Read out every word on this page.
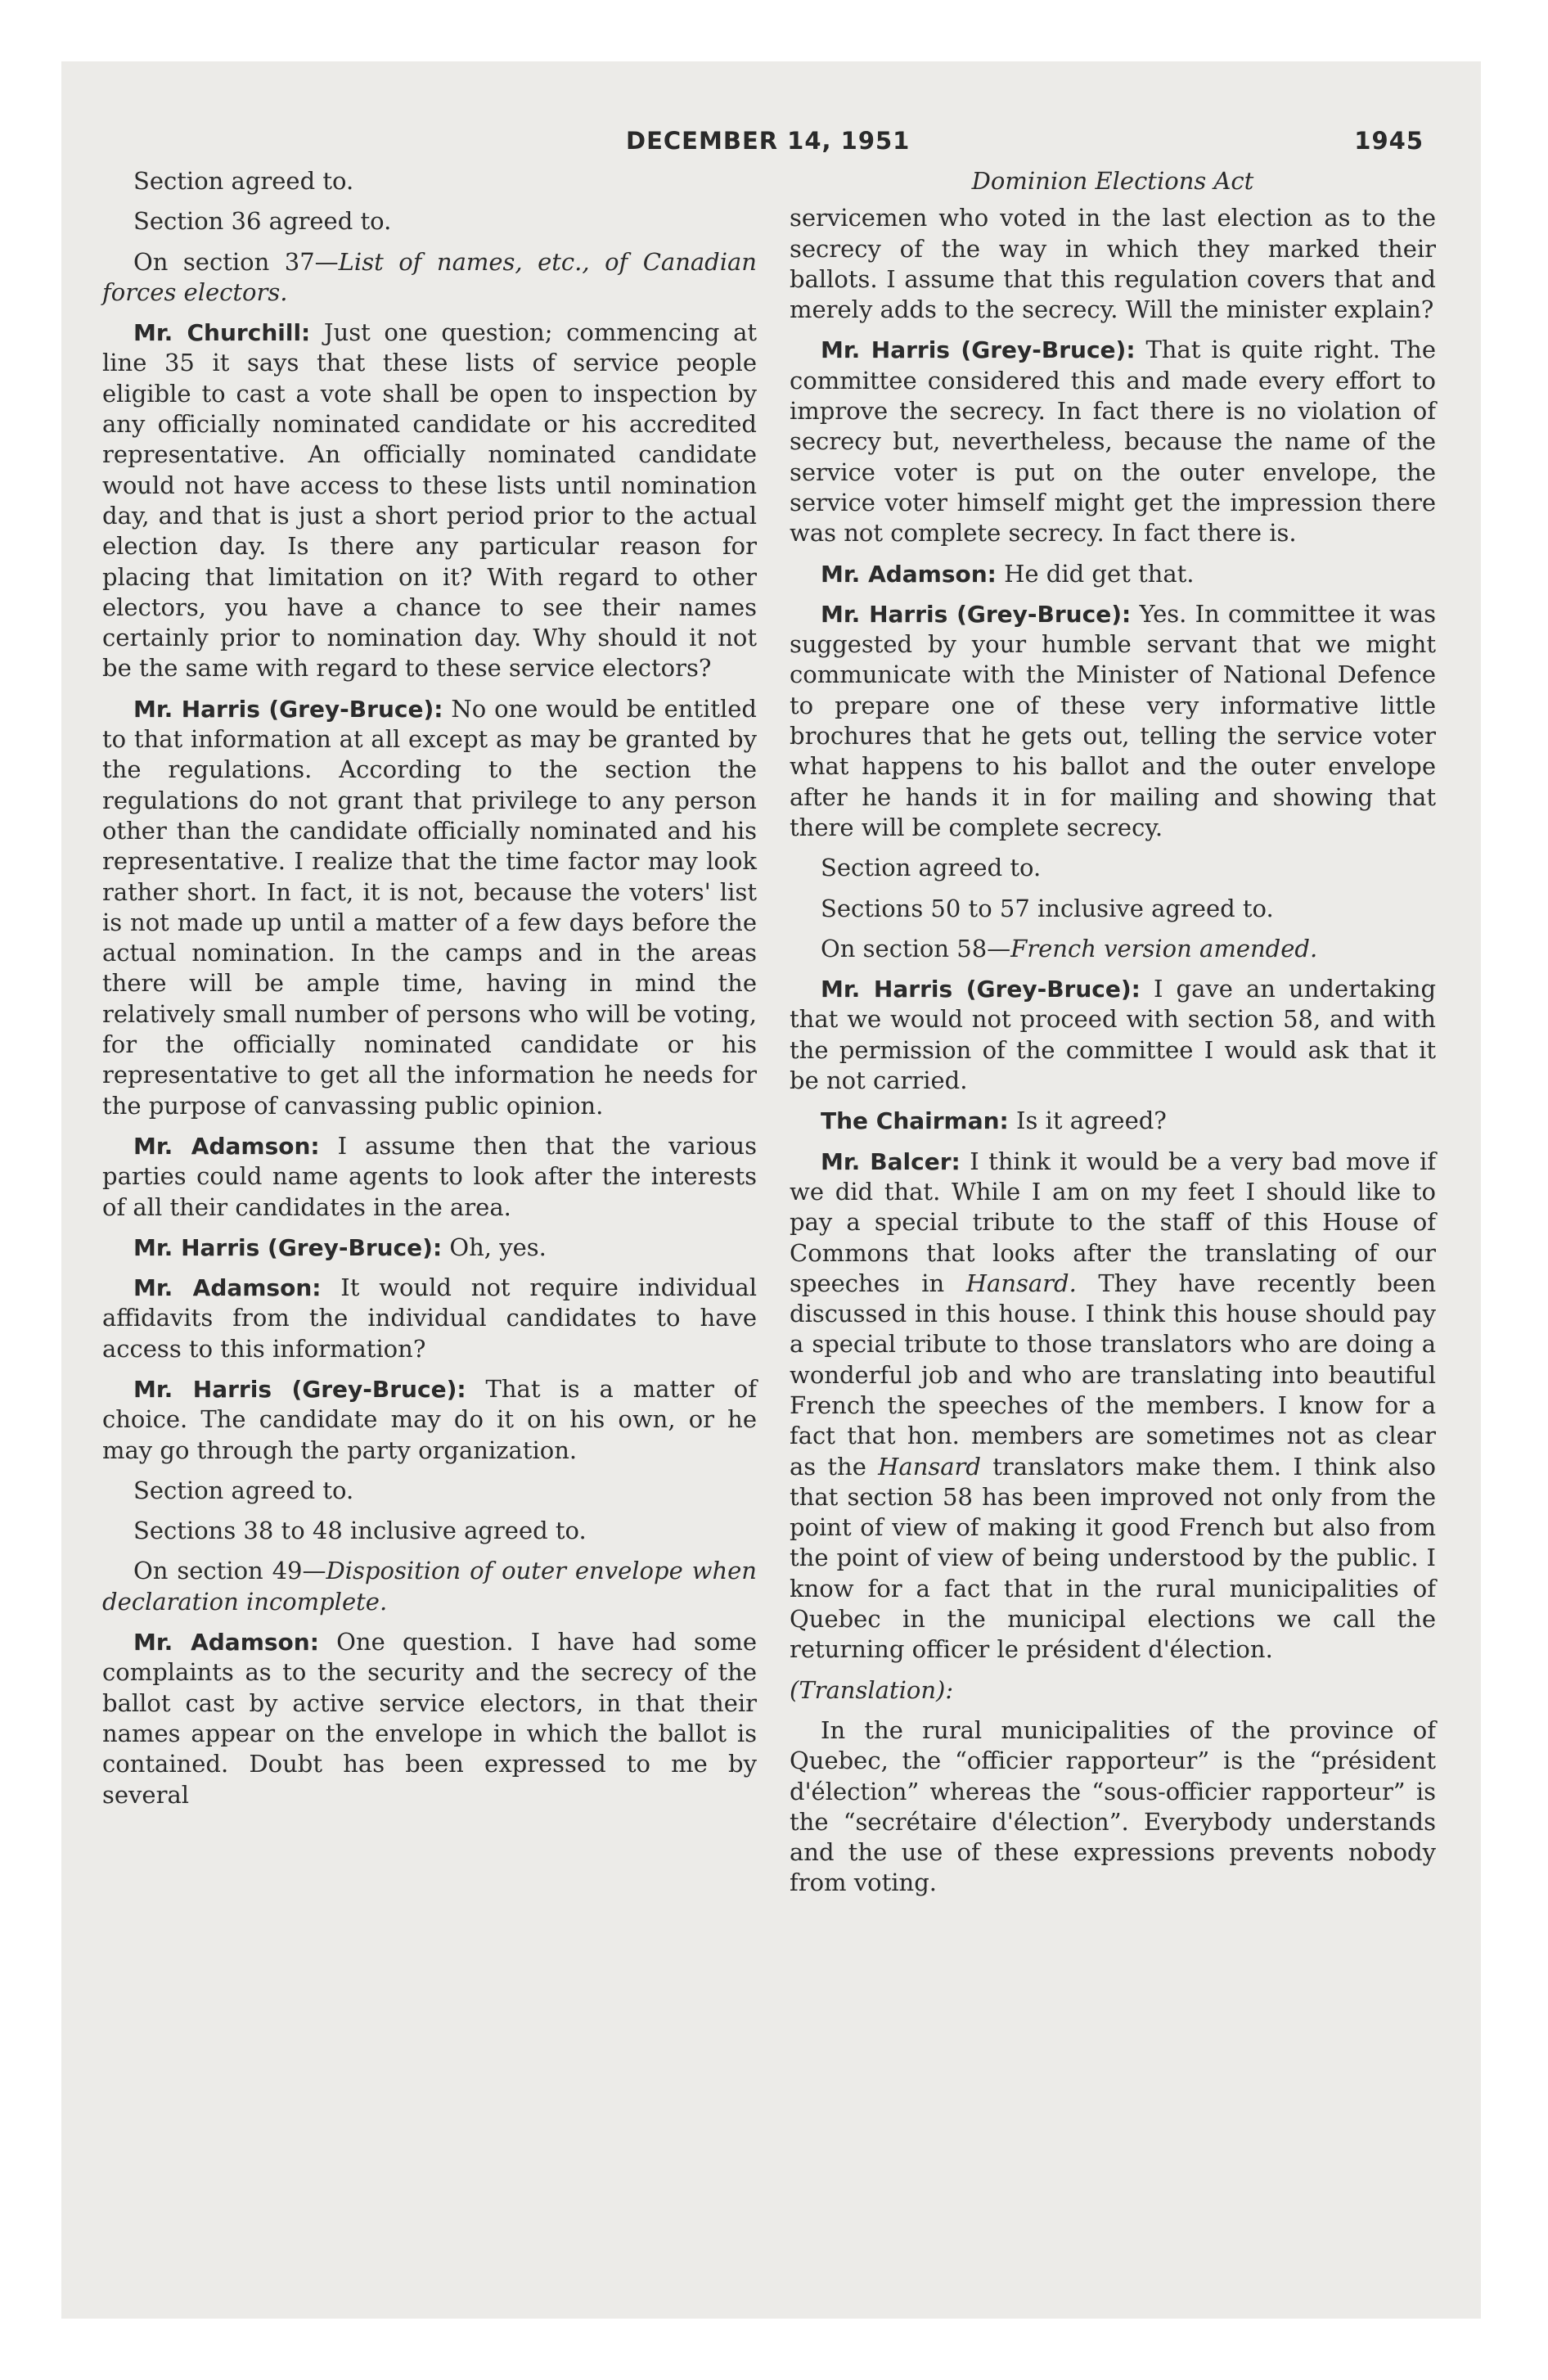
DECEMBER 14, 1951	1945

Section agreed to.

Section 36 agreed to.

On section 37—List of names, etc., of Canadian forces electors.

Mr. Churchill: Just one question; commencing at line 35 it says that these lists of service people eligible to cast a vote shall be open to inspection by any officially nominated candidate or his accredited representative. An officially nominated candidate would not have access to these lists until nomination day, and that is just a short period prior to the actual election day. Is there any particular reason for placing that limitation on it? With regard to other electors, you have a chance to see their names certainly prior to nomination day. Why should it not be the same with regard to these service electors?

Mr. Harris (Grey-Bruce): No one would be entitled to that information at all except as may be granted by the regulations. According to the section the regulations do not grant that privilege to any person other than the candidate officially nominated and his representative. I realize that the time factor may look rather short. In fact, it is not, because the voters' list is not made up until a matter of a few days before the actual nomination. In the camps and in the areas there will be ample time, having in mind the relatively small number of persons who will be voting, for the officially nominated candidate or his representative to get all the information he needs for the purpose of canvassing public opinion.

Mr. Adamson: I assume then that the various parties could name agents to look after the interests of all their candidates in the area.

Mr. Harris (Grey-Bruce): Oh, yes.

Mr. Adamson: It would not require individual affidavits from the individual candidates to have access to this information?

Mr. Harris (Grey-Bruce): That is a matter of choice. The candidate may do it on his own, or he may go through the party organization.

Section agreed to.

Sections 38 to 48 inclusive agreed to.

On section 49—Disposition of outer envelope when declaration incomplete.

Mr. Adamson: One question. I have had some complaints as to the security and the secrecy of the ballot cast by active service electors, in that their names appear on the envelope in which the ballot is contained. Doubt has been expressed to me by several

Dominion Elections Act

servicemen who voted in the last election as to the secrecy of the way in which they marked their ballots. I assume that this regulation covers that and merely adds to the secrecy. Will the minister explain?

Mr. Harris (Grey-Bruce): That is quite right. The committee considered this and made every effort to improve the secrecy. In fact there is no violation of secrecy but, nevertheless, because the name of the service voter is put on the outer envelope, the service voter himself might get the impression there was not complete secrecy. In fact there is.

Mr. Adamson: He did get that.

Mr. Harris (Grey-Bruce): Yes. In committee it was suggested by your humble servant that we might communicate with the Minister of National Defence to prepare one of these very informative little brochures that he gets out, telling the service voter what happens to his ballot and the outer envelope after he hands it in for mailing and showing that there will be complete secrecy.

Section agreed to.

Sections 50 to 57 inclusive agreed to.

On section 58—French version amended.

Mr. Harris (Grey-Bruce): I gave an undertaking that we would not proceed with section 58, and with the permission of the committee I would ask that it be not carried.

The Chairman: Is it agreed?

Mr. Balcer: I think it would be a very bad move if we did that. While I am on my feet I should like to pay a special tribute to the staff of this House of Commons that looks after the translating of our speeches in Hansard. They have recently been discussed in this house. I think this house should pay a special tribute to those translators who are doing a wonderful job and who are translating into beautiful French the speeches of the members. I know for a fact that hon. members are sometimes not as clear as the Hansard translators make them. I think also that section 58 has been improved not only from the point of view of making it good French but also from the point of view of being understood by the public. I know for a fact that in the rural municipalities of Quebec in the municipal elections we call the returning officer le président d'élection.

(Translation):

In the rural municipalities of the province of Quebec, the “officier rapporteur” is the “président d'élection” whereas the “sous-officier rapporteur” is the “secrétaire d'élection”. Everybody understands and the use of these expressions prevents nobody from voting.
